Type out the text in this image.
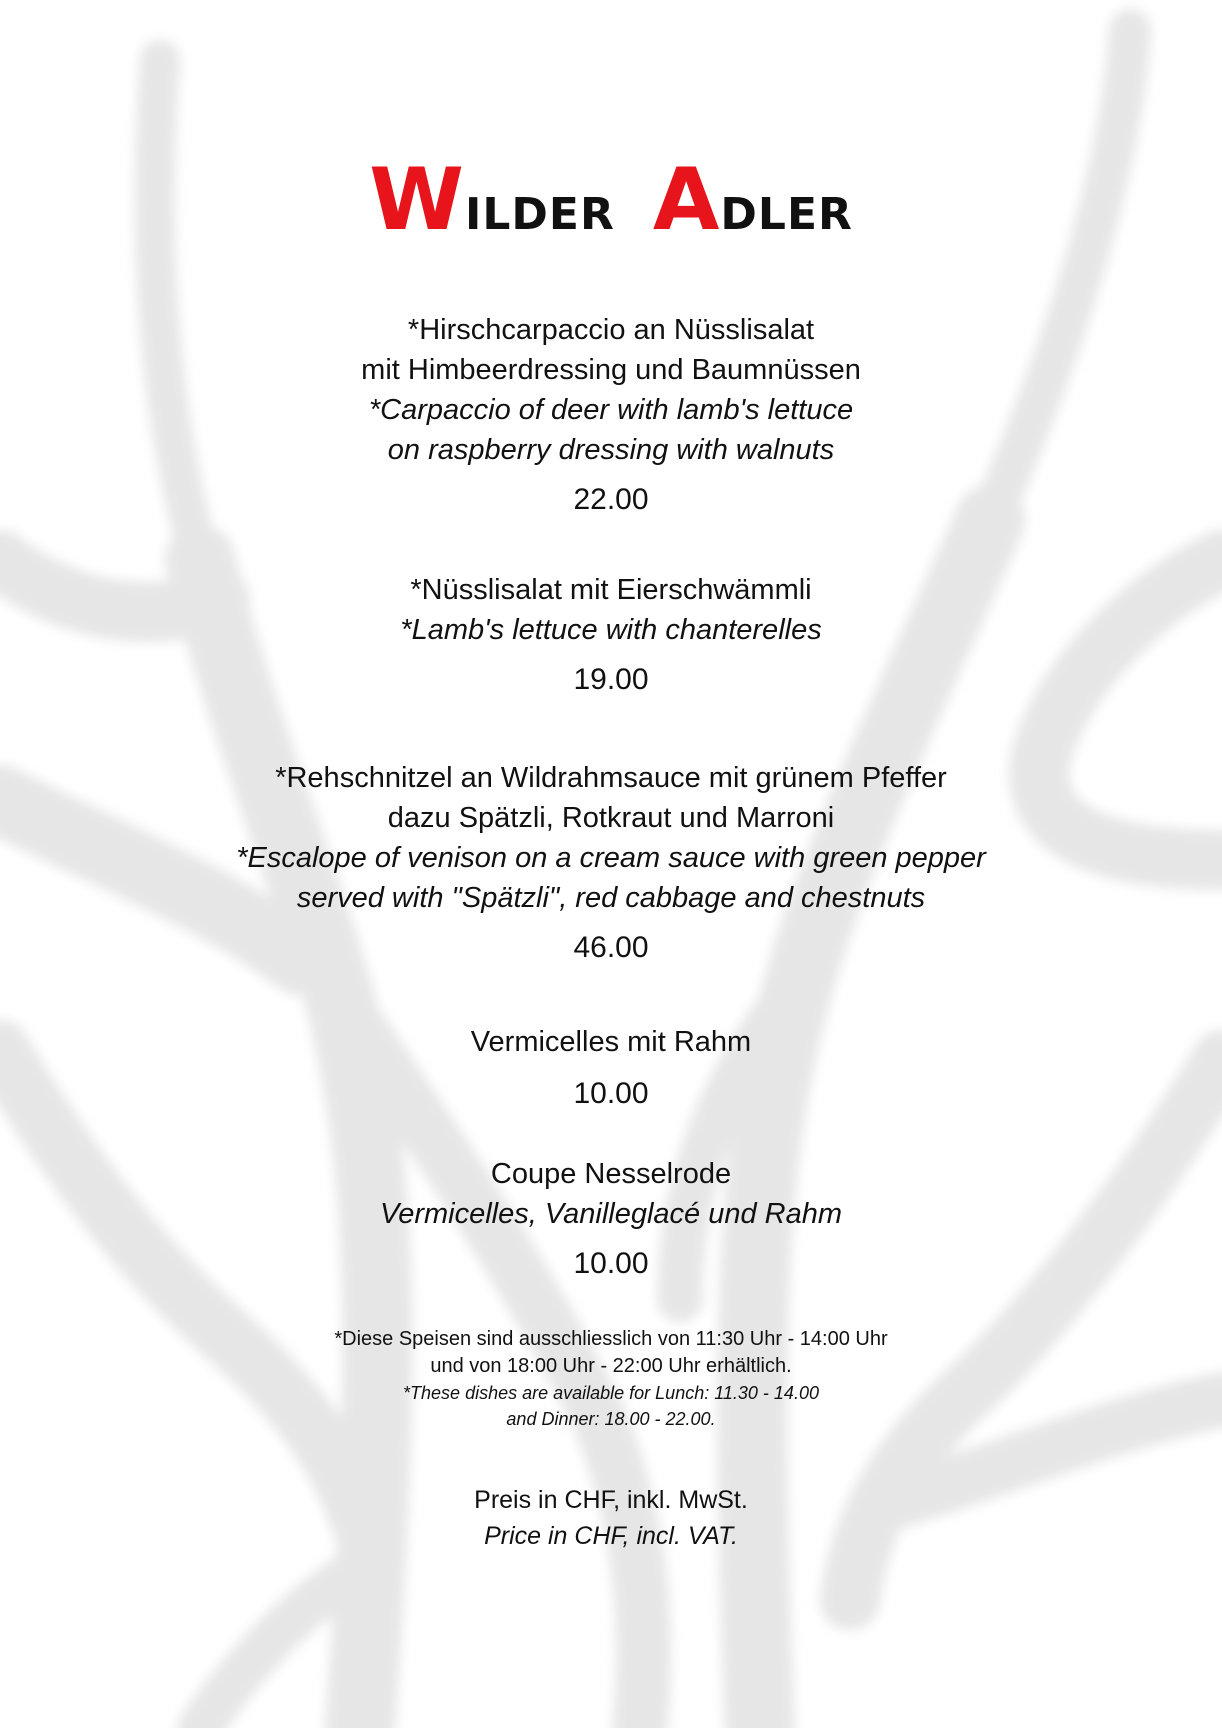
WILDER ADLER

*Hirschcarpaccio an Nüsslisalat

mit Himbeerdressing und Baumnüssen

*Carpaccio of deer with lamb's lettuce

on raspberry dressing with walnuts

22.00

*Nüsslisalat mit Eierschwämmli

*Lamb's lettuce with chanterelles

19.00

*Rehschnitzel an Wildrahmsauce mit grünem Pfeffer

dazu Spätzli, Rotkraut und Marroni

*Escalope of venison on a cream sauce with green pepper

served with "Spätzli", red cabbage and chestnuts

46.00

Vermicelles mit Rahm

10.00

Coupe Nesselrode

Vermicelles, Vanilleglacé und Rahm

10.00

*Diese Speisen sind ausschliesslich von 11:30 Uhr - 14:00 Uhr

und von 18:00 Uhr - 22:00 Uhr erhältlich.

*These dishes are available for Lunch: 11.30 - 14.00

and Dinner: 18.00 - 22.00.

Preis in CHF, inkl. MwSt.

Price in CHF, incl. VAT.
